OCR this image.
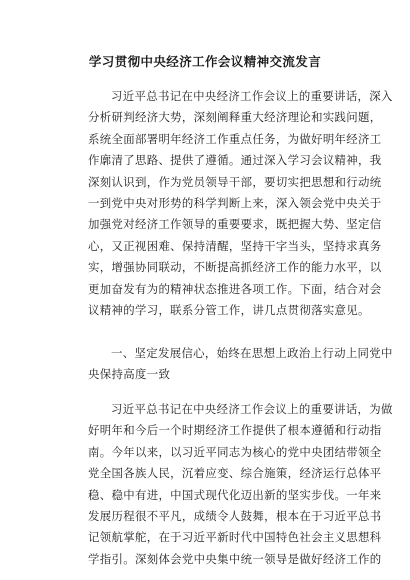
学习贯彻中央经济工作会议精神交流发言
习近平总书记在中央经济工作会议上的重要讲话，深入
分析研判经济大势，深刻阐释重大经济理论和实践问题，
系统全面部署明年经济工作重点任务，为做好明年经济工
作廓清了思路、提供了遵循。通过深入学习会议精神，我
深刻认识到，作为党员领导干部，要切实把思想和行动统
一到党中央对形势的科学判断上来，深入领会党中央关于
加强党对经济工作领导的重要要求，既把握大势、坚定信
心，又正视困难、保持清醒，坚持干字当头，坚持求真务
实，增强协同联动，不断提高抓经济工作的能力水平，以
更加奋发有为的精神状态推进各项工作。下面，结合对会
议精神的学习，联系分管工作，讲几点贯彻落实意见。
一、坚定发展信心，始终在思想上政治上行动上同党中
央保持高度一致
习近平总书记在中央经济工作会议上的重要讲话，为做
好明年和今后一个时期经济工作提供了根本遵循和行动指
南。今年以来，以习近平同志为核心的党中央团结带领全
党全国各族人民，沉着应变、综合施策，经济运行总体平
稳、稳中有进，中国式现代化迈出新的坚实步伐。一年来
发展历程很不平凡，成绩令人鼓舞，根本在于习近平总书
记领航掌舵，在于习近平新时代中国特色社会主义思想科
学指引。深刻体会党中央集中统一领导是做好经济工作的
